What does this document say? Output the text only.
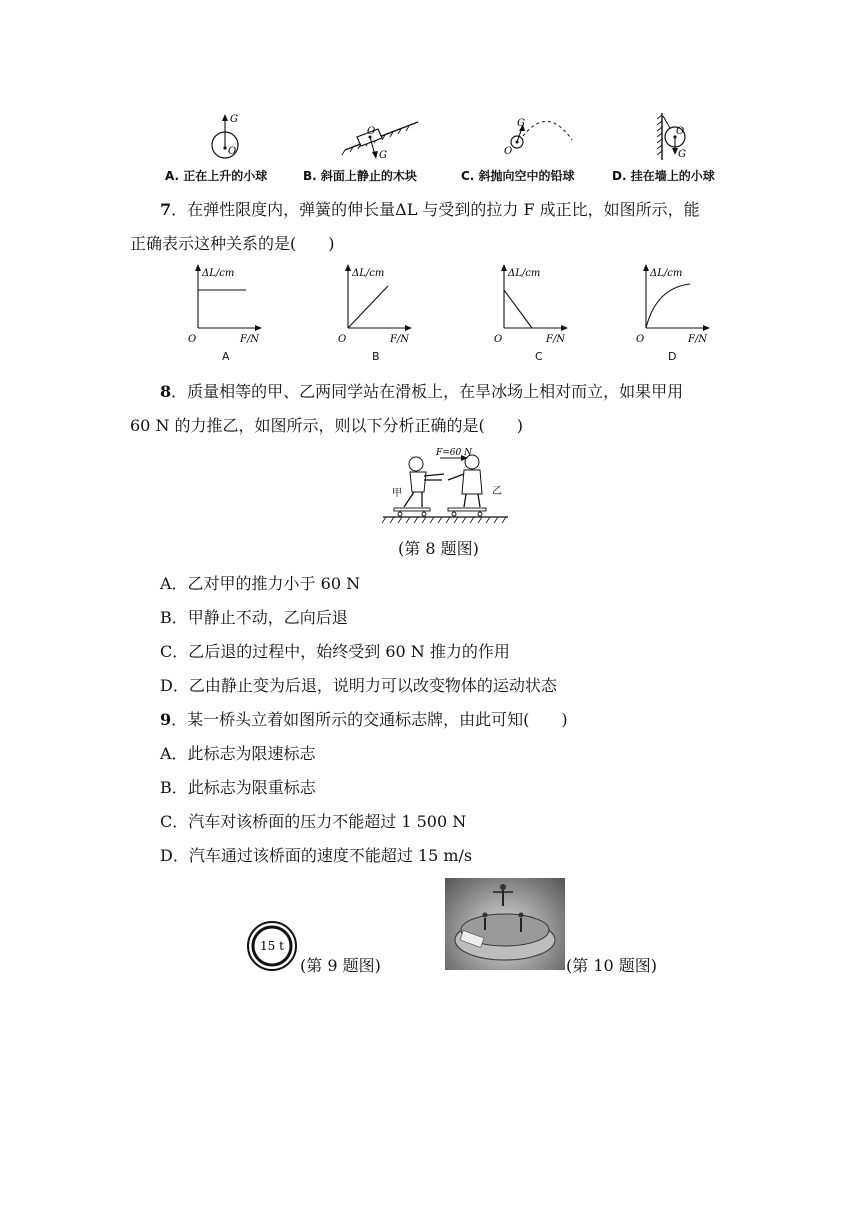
G
O
O
G
G
O
O
G
A. 正在上升的小球	B. 斜面上静止的木块	C. 斜抛向空中的铅球	D. 挂在墙上的小球
7．在弹性限度内，弹簧的伸长量ΔL 与受到的拉力 F 成正比，如图所示，能
正确表示这种关系的是(　　)
ΔL/cm
F/N
O
ΔL/cm
F/N
O
ΔL/cm
F/N
O
ΔL/cm
F/N
O
A	B	C	D
8．质量相等的甲、乙两同学站在滑板上，在旱冰场上相对而立，如果甲用
60 N 的力推乙，如图所示，则以下分析正确的是(　　)
F=60 N
甲	乙
(第 8 题图)
A．乙对甲的推力小于 60 N
B．甲静止不动，乙向后退
C．乙后退的过程中，始终受到 60 N 推力的作用
D．乙由静止变为后退，说明力可以改变物体的运动状态
9．某一桥头立着如图所示的交通标志牌，由此可知(　　)
A．此标志为限速标志
B．此标志为限重标志
C．汽车对该桥面的压力不能超过 1 500 N
D．汽车通过该桥面的速度不能超过 15 m/s
15 t
(第 9 题图)	(第 10 题图)
